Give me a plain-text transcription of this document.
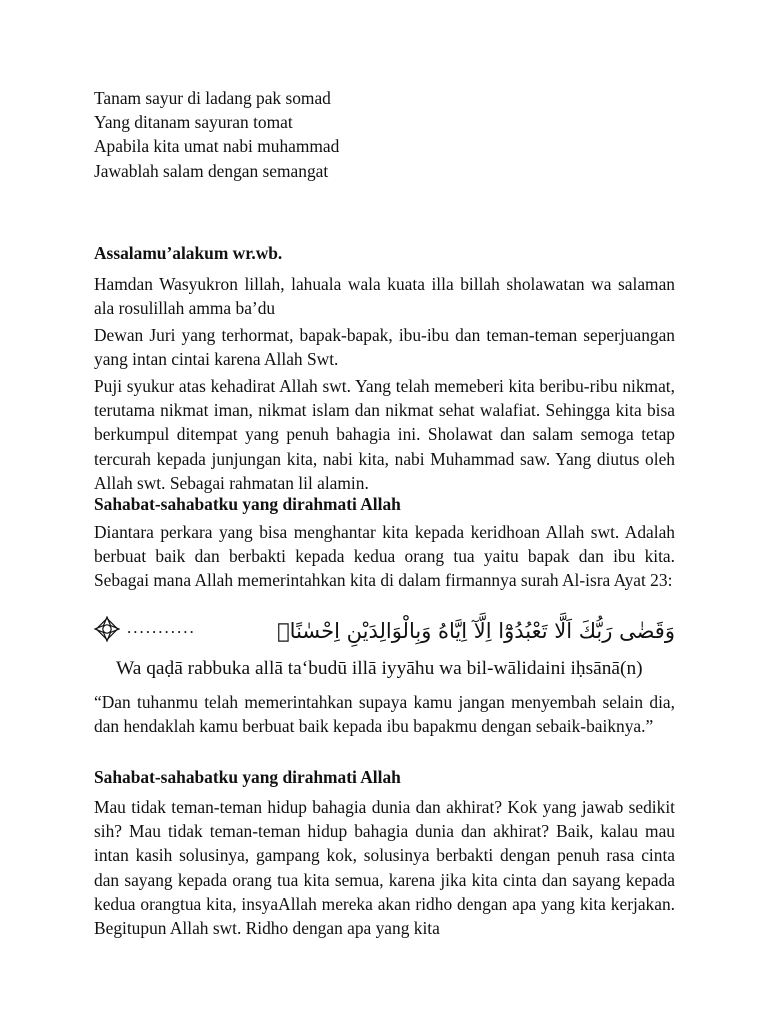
Tanam sayur di ladang pak somad

Yang ditanam sayuran tomat

Apabila kita umat nabi muhammad

Jawablah salam dengan semangat

Assalamu’alakum wr.wb.

Hamdan Wasyukron lillah, lahuala wala kuata illa billah sholawatan wa salaman ala rosulillah amma ba’du

Dewan Juri yang terhormat, bapak-bapak, ibu-ibu dan teman-teman seperjuangan yang intan cintai karena Allah Swt.

Puji syukur atas kehadirat Allah swt. Yang telah memeberi kita beribu-ribu nikmat, terutama nikmat iman, nikmat islam dan nikmat sehat walafiat. Sehingga kita bisa berkumpul ditempat yang penuh bahagia ini. Sholawat dan salam semoga tetap tercurah kepada junjungan kita, nabi kita, nabi Muhammad saw. Yang diutus oleh Allah swt. Sebagai rahmatan lil alamin.

Sahabat-sahabatku yang dirahmati Allah

Diantara perkara yang bisa menghantar kita kepada keridhoan Allah swt. Adalah berbuat baik dan berbakti kepada kedua orang tua yaitu bapak dan ibu kita. Sebagai mana Allah memerintahkan kita di dalam firmannya surah Al-isra Ayat 23:

...........	وَقَضٰى رَبُّكَ اَلَّا تَعْبُدُوْٓا اِلَّآ اِيَّاهُ وَبِالْوَالِدَيْنِ اِحْسٰنًاۗ
Wa qaḍā rabbuka allā ta‘budū illā iyyāhu wa bil-wālidaini iḥsānā(n)

“Dan tuhanmu telah memerintahkan supaya kamu jangan menyembah selain dia, dan hendaklah kamu berbuat baik kepada ibu bapakmu dengan sebaik-baiknya.”

Sahabat-sahabatku yang dirahmati Allah

Mau tidak teman-teman hidup bahagia dunia dan akhirat? Kok yang jawab sedikit sih? Mau tidak teman-teman hidup bahagia dunia dan akhirat? Baik, kalau mau intan kasih solusinya, gampang kok, solusinya berbakti dengan penuh rasa cinta dan sayang kepada orang tua kita semua, karena jika kita cinta dan sayang kepada kedua orangtua kita, insyaAllah mereka akan ridho dengan apa yang kita kerjakan. Begitupun Allah swt. Ridho dengan apa yang kita
